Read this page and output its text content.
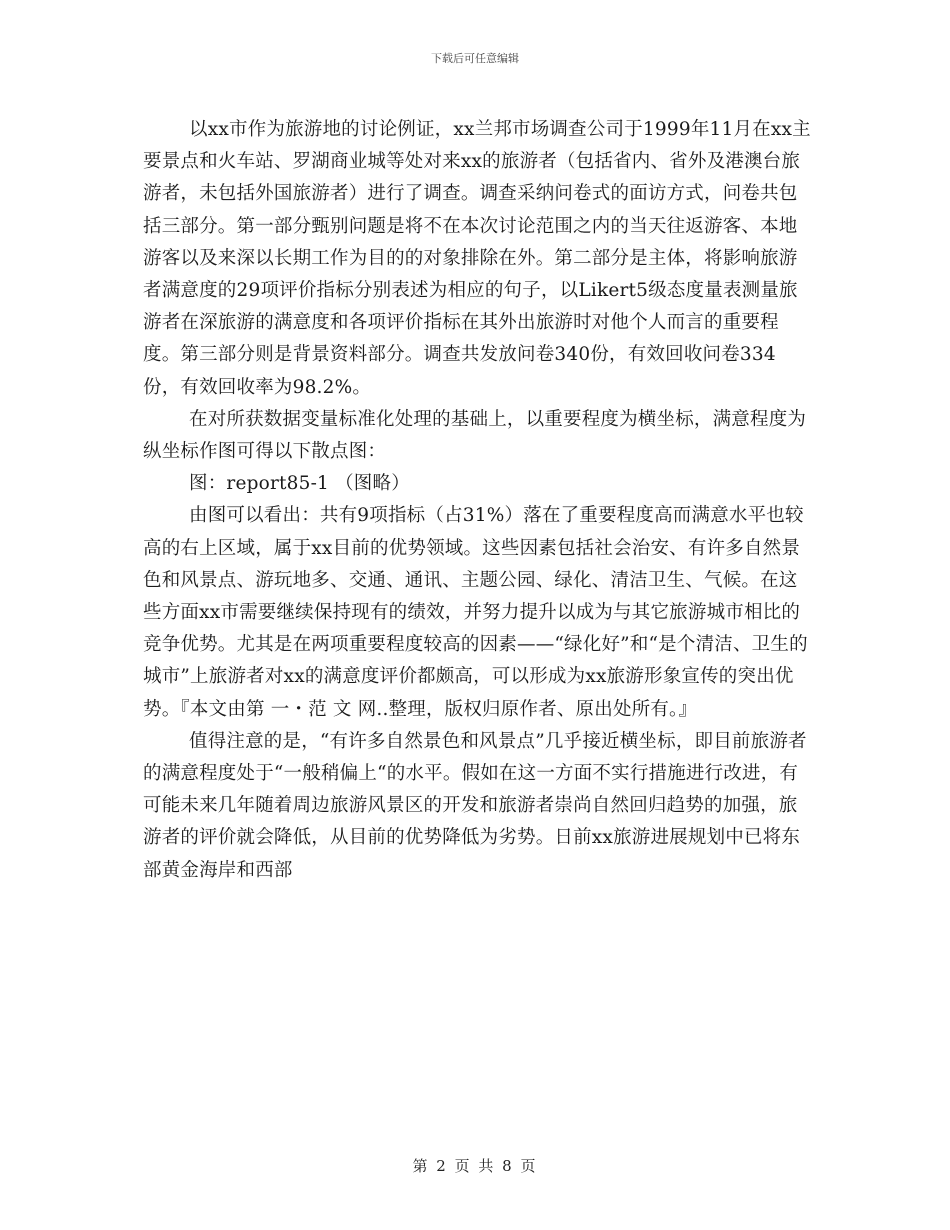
下载后可任意编辑

以xx市作为旅游地的讨论例证，xx兰邦市场调查公司于1999年11月在xx主要景点和火车站、罗湖商业城等处对来xx的旅游者（包括省内、省外及港澳台旅游者，未包括外国旅游者）进行了调查。调查采纳问卷式的面访方式，问卷共包括三部分。第一部分甄别问题是将不在本次讨论范围之内的当天往返游客、本地游客以及来深以长期工作为目的的对象排除在外。第二部分是主体，将影响旅游者满意度的29项评价指标分别表述为相应的句子，以Likert5级态度量表测量旅游者在深旅游的满意度和各项评价指标在其外出旅游时对他个人而言的重要程度。第三部分则是背景资料部分。调查共发放问卷340份，有效回收问卷334份，有效回收率为98.2%。

在对所获数据变量标准化处理的基础上，以重要程度为横坐标，满意程度为纵坐标作图可得以下散点图：

图：report85-1 （图略）

由图可以看出：共有9项指标（占31%）落在了重要程度高而满意水平也较高的右上区域，属于xx目前的优势领域。这些因素包括社会治安、有许多自然景色和风景点、游玩地多、交通、通讯、主题公园、绿化、清洁卫生、气候。在这些方面xx市需要继续保持现有的绩效，并努力提升以成为与其它旅游城市相比的竞争优势。尤其是在两项重要程度较高的因素——“绿化好”和“是个清洁、卫生的城市”上旅游者对xx的满意度评价都颇高，可以形成为xx旅游形象宣传的突出优势。『本文由第 一・范 文 网..整理，版权归原作者、原出处所有。』

值得注意的是，“有许多自然景色和风景点”几乎接近横坐标，即目前旅游者的满意程度处于“一般稍偏上“的水平。假如在这一方面不实行措施进行改进，有可能未来几年随着周边旅游风景区的开发和旅游者崇尚自然回归趋势的加强，旅游者的评价就会降低，从目前的优势降低为劣势。日前xx旅游进展规划中已将东部黄金海岸和西部

第 2 页 共 8 页
